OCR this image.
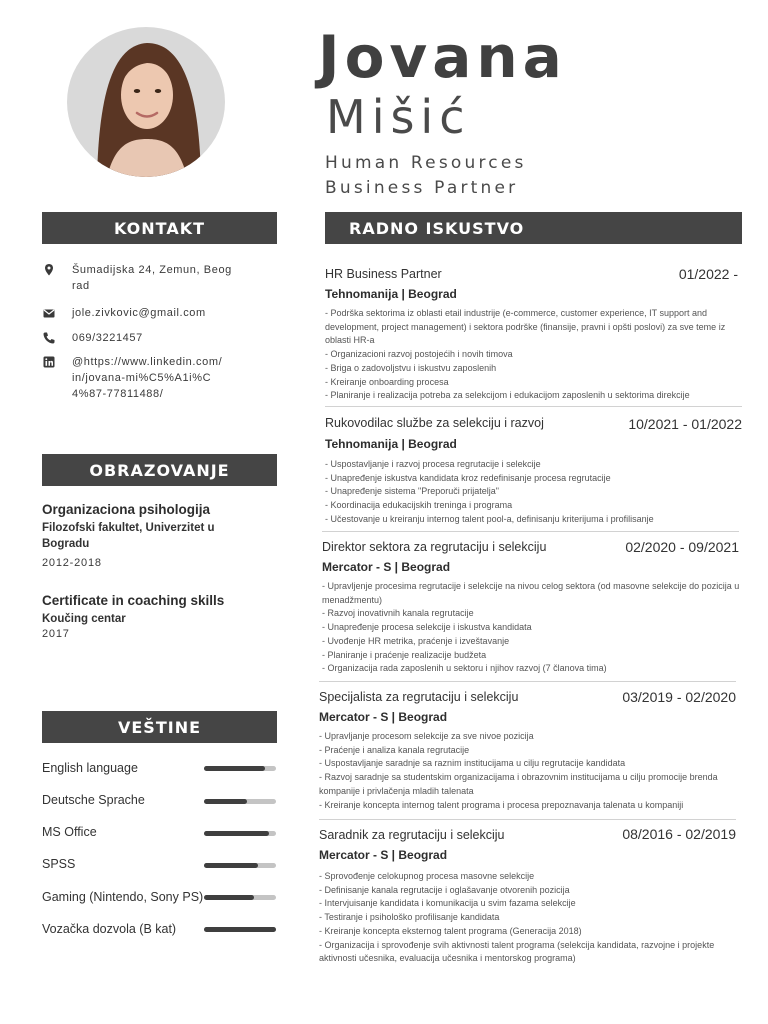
Jovana
Mišić
Human Resources
Business Partner
KONTAKT	RADNO ISKUSTVO
OBRAZOVANJE
VEŠTINE
Šumadijska 24, Zemun, Beograd
jole.zivkovic@gmail.com
069/3221457
@https://www.linkedin.com/in/jovana-mi%C5%A1i%C4%87-77811488/
Organizaciona psihologija
Filozofski fakultet, Univerzitet u Bogradu
2012-2018
Certificate in coaching skills
Koučing centar
2017
English language
Deutsche Sprache
MS Office
SPSS
Gaming (Nintendo, Sony PS)
Vozačka dozvola (B kat)
HR Business Partner	01/2022 -
Tehnomanija | Beograd
- Podrška sektorima iz oblasti etail industrije (e-commerce, customer experience, IT support and development, project management) i sektora podrške (finansije, pravni i opšti poslovi) za sve teme iz oblasti HR-a
- Organizacioni razvoj postojećih i novih timova
- Briga o zadovoljstvu i iskustvu zaposlenih
- Kreiranje onboarding procesa
- Planiranje i realizacija potreba za selekcijom i edukacijom zaposlenih u sektorima direkcije
Rukovodilac službe za selekciju i razvoj	10/2021 - 01/2022
Tehnomanija | Beograd
- Uspostavljanje i razvoj procesa regrutacije i selekcije
- Unapređenje iskustva kandidata kroz redefinisanje procesa regrutacije
- Unapređenje sistema "Preporuči prijatelja"
- Koordinacija edukacijskih treninga i programa
- Učestovanje u kreiranju internog talent pool-a, definisanju kriterijuma i profilisanje
Direktor sektora za regrutaciju i selekciju	02/2020 - 09/2021
Mercator - S | Beograd
- Upravljenje procesima regrutacije i selekcije na nivou celog sektora (od masovne selekcije do pozicija u menadžmentu)
- Razvoj inovativnih kanala regrutacije
- Unapređenje procesa selekcije i iskustva kandidata
- Uvođenje HR metrika, praćenje i izveštavanje
- Planiranje i praćenje realizacije budžeta
- Organizacija rada zaposlenih u sektoru i njihov razvoj (7 članova tima)
Specijalista za regrutaciju i selekciju	03/2019 - 02/2020
Mercator - S | Beograd
- Upravljanje procesom selekcije za sve nivoe pozicija
- Praćenje i analiza kanala regrutacije
- Uspostavljanje saradnje sa raznim institucijama u cilju regrutacije kandidata
- Razvoj saradnje sa studentskim organizacijama i obrazovnim institucijama u cilju promocije brenda kompanije i privlačenja mladih talenata
- Kreiranje koncepta internog talent programa i procesa prepoznavanja talenata u kompaniji
Saradnik za regrutaciju i selekciju	08/2016 - 02/2019
Mercator - S | Beograd
- Sprovođenje celokupnog procesa masovne selekcije
- Definisanje kanala regrutacije i oglašavanje otvorenih pozicija
- Intervjuisanje kandidata i komunikacija u svim fazama selekcije
- Testiranje i psihološko profilisanje kandidata
- Kreiranje koncepta eksternog talent programa (Generacija 2018)
- Organizacija i sprovođenje svih aktivnosti talent programa (selekcija kandidata, razvojne i projekte aktivnosti učesnika, evaluacija učesnika i mentorskog programa)
